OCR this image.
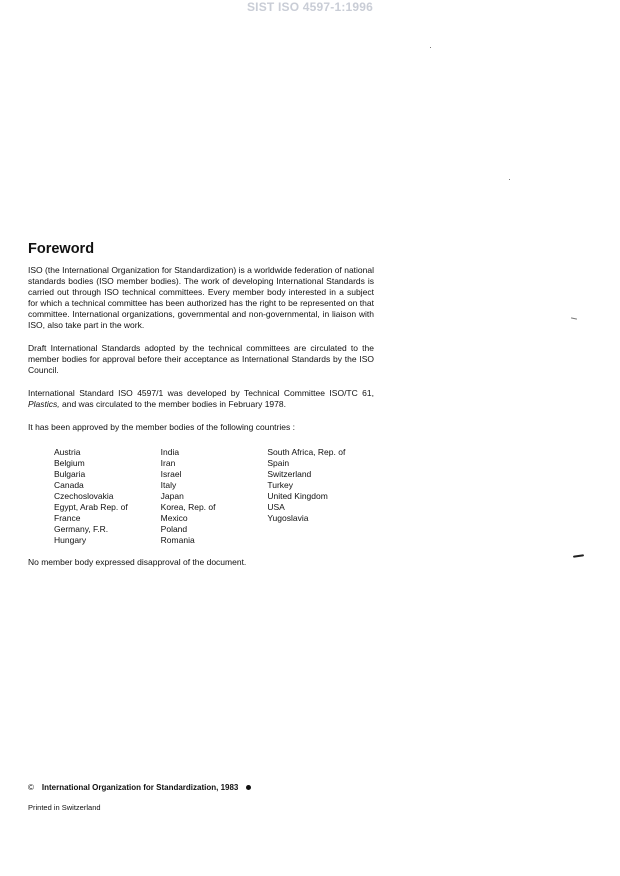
SIST ISO 4597-1:1996
Foreword

ISO (the International Organization for Standardization) is a worldwide federation of national standards bodies (ISO member bodies). The work of developing International Standards is carried out through ISO technical committees. Every member body interested in a subject for which a technical committee has been authorized has the right to be represented on that committee. International organizations, governmental and non-governmental, in liaison with ISO, also take part in the work.

Draft International Standards adopted by the technical committees are circulated to the member bodies for approval before their acceptance as International Standards by the ISO Council.

International Standard ISO 4597/1 was developed by Technical Committee ISO/TC 61, Plastics, and was circulated to the member bodies in February 1978.

It has been approved by the member bodies of the following countries :

Austria
Belgium
Bulgaria
Canada
Czechoslovakia
Egypt, Arab Rep. of
France
Germany, F.R.
Hungary
India
Iran
Israel
Italy
Japan
Korea, Rep. of
Mexico
Poland
Romania
South Africa, Rep. of
Spain
Switzerland
Turkey
United Kingdom
USA
Yugoslavia

No member body expressed disapproval of the document.

© International Organization for Standardization, 1983
Printed in Switzerland
